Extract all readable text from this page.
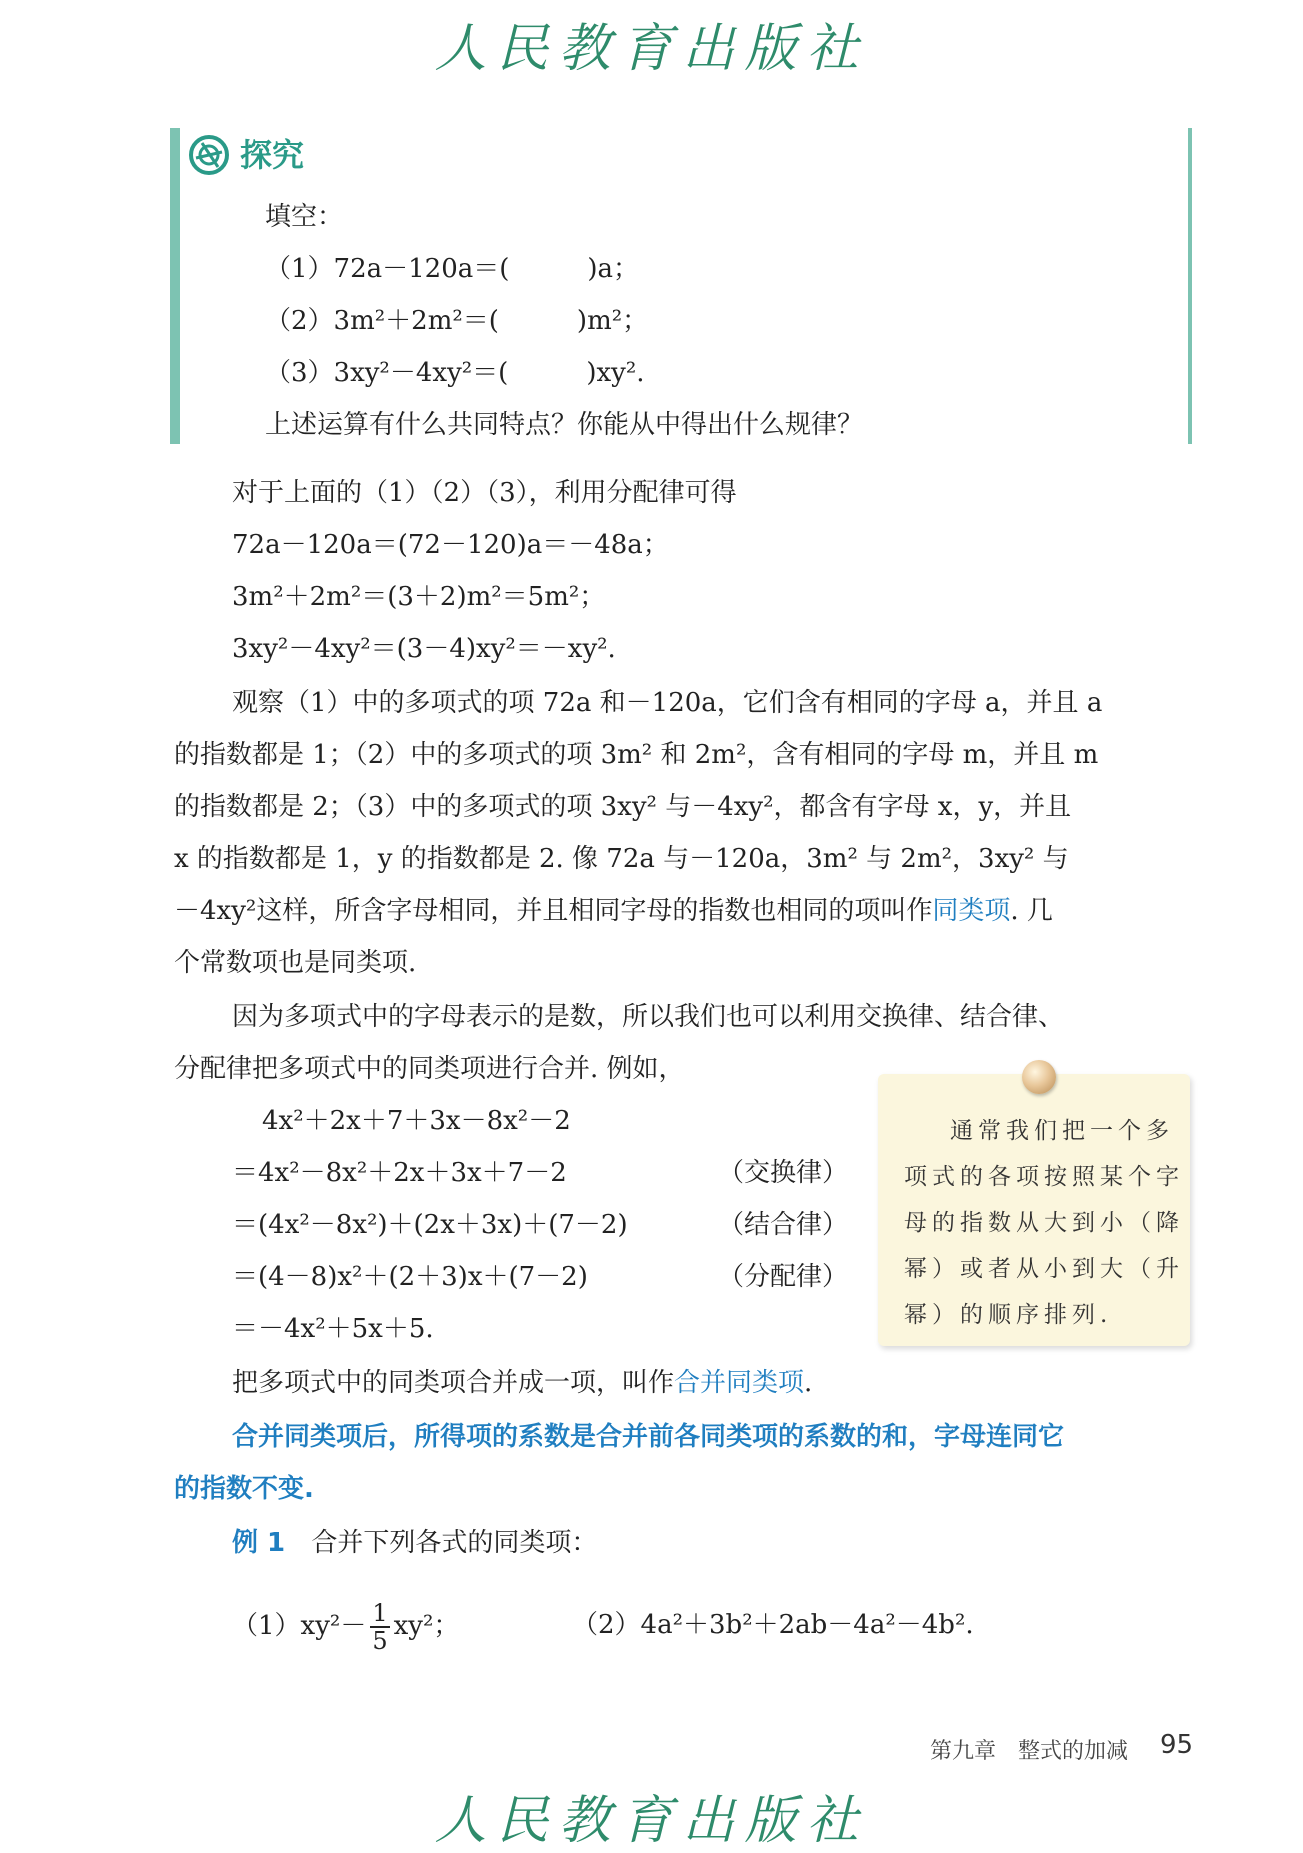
人民教育出版社
探究
填空：
（1）72a－120a＝(　　　)a；
（2）3m²＋2m²＝(　　　)m²；
（3）3xy²－4xy²＝(　　　)xy².
上述运算有什么共同特点？你能从中得出什么规律？
对于上面的（1）（2）（3），利用分配律可得
72a－120a＝(72－120)a＝－48a；
3m²＋2m²＝(3＋2)m²＝5m²；
3xy²－4xy²＝(3－4)xy²＝－xy².
观察（1）中的多项式的项 72a 和－120a，它们含有相同的字母 a，并且 a
的指数都是 1；（2）中的多项式的项 3m² 和 2m²，含有相同的字母 m，并且 m
的指数都是 2；（3）中的多项式的项 3xy² 与－4xy²，都含有字母 x，y，并且
x 的指数都是 1，y 的指数都是 2. 像 72a 与－120a，3m² 与 2m²，3xy² 与
－4xy²这样，所含字母相同，并且相同字母的指数也相同的项叫作同类项. 几
个常数项也是同类项.
因为多项式中的字母表示的是数，所以我们也可以利用交换律、结合律、
分配律把多项式中的同类项进行合并. 例如，
4x²＋2x＋7＋3x－8x²－2
＝4x²－8x²＋2x＋3x＋7－2	（交换律）
＝(4x²－8x²)＋(2x＋3x)＋(7－2)	（结合律）
＝(4－8)x²＋(2＋3)x＋(7－2)	（分配律）
＝－4x²＋5x＋5.
通常我们把一个多
项式的各项按照某个字
母的指数从大到小（降
幂）或者从小到大（升
幂）的顺序排列.
把多项式中的同类项合并成一项，叫作合并同类项.
合并同类项后，所得项的系数是合并前各同类项的系数的和，字母连同它
的指数不变.
例 1 合并下列各式的同类项：
$(1)xy^2- \frac{1}{5} xy^2$；	（2）4a²＋3b²＋2ab－4a²－4b².
第九章　整式的加减 95
人民教育出版社
